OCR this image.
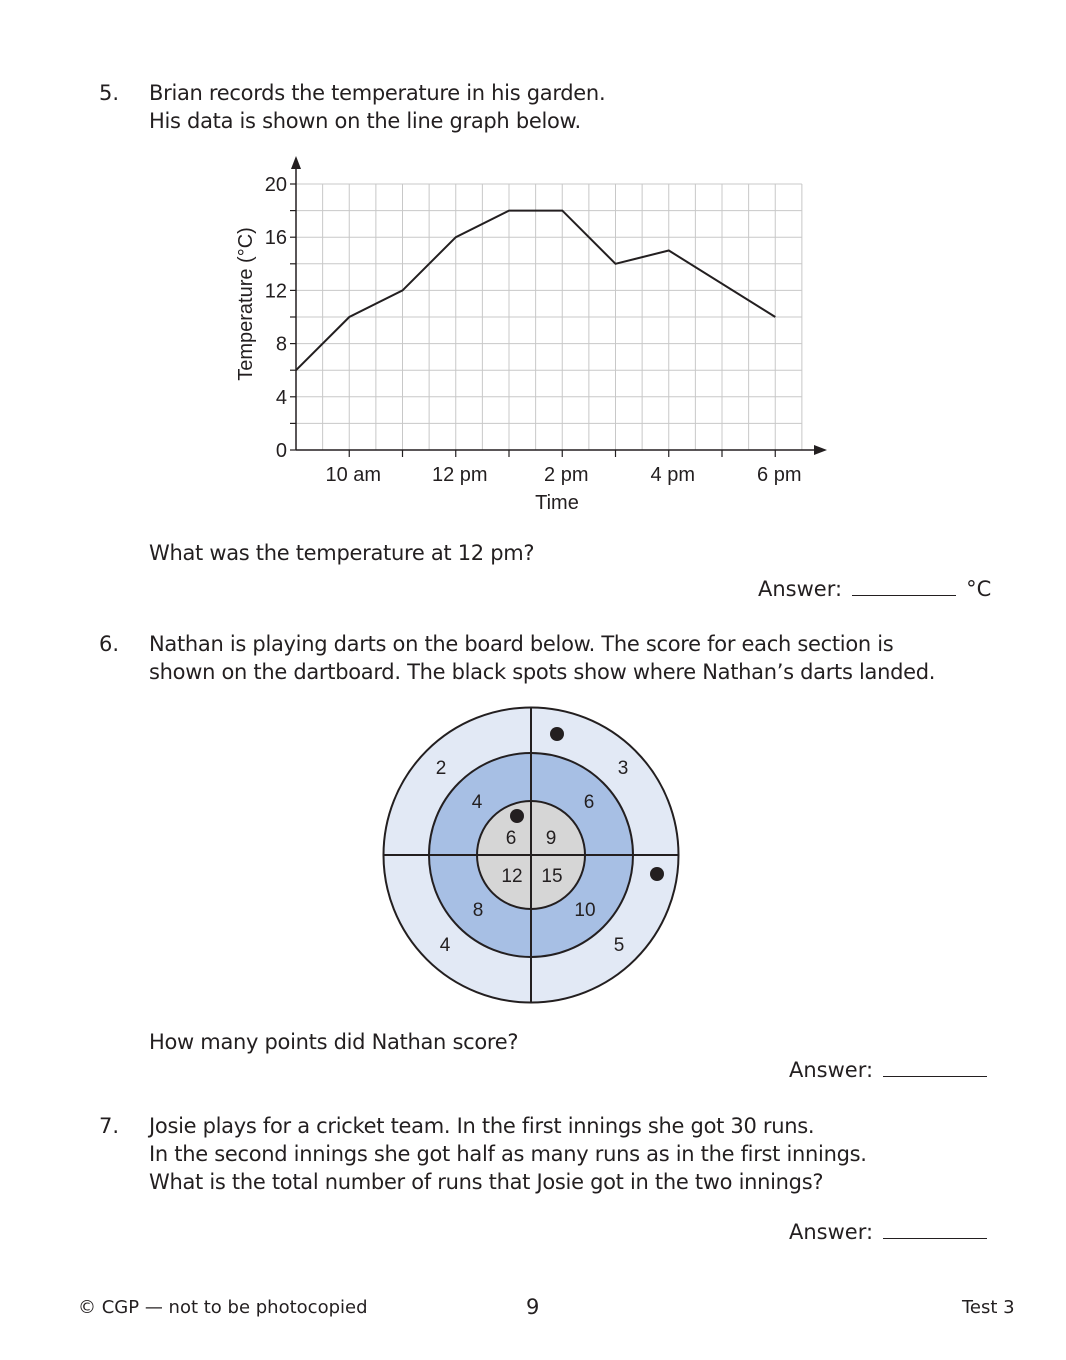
5. Brian records the temperature in his garden.
His data is shown on the line graph below.
0
4
8
12
16
20
10 am	12 pm	2 pm	4 pm	6 pm
Temperature (°C)
Time
What was the temperature at 12 pm?
Answer:	°C
6. Nathan is playing darts on the board below. The score for each section is
shown on the dartboard. The black spots show where Nathan’s darts landed.
2	3
4	5
4	6
8	10
6 9
12 15
How many points did Nathan score?
Answer:
7. Josie plays for a cricket team. In the first innings she got 30 runs.
In the second innings she got half as many runs as in the first innings.
What is the total number of runs that Josie got in the two innings?
Answer:
© CGP — not to be photocopied	9	Test 3
